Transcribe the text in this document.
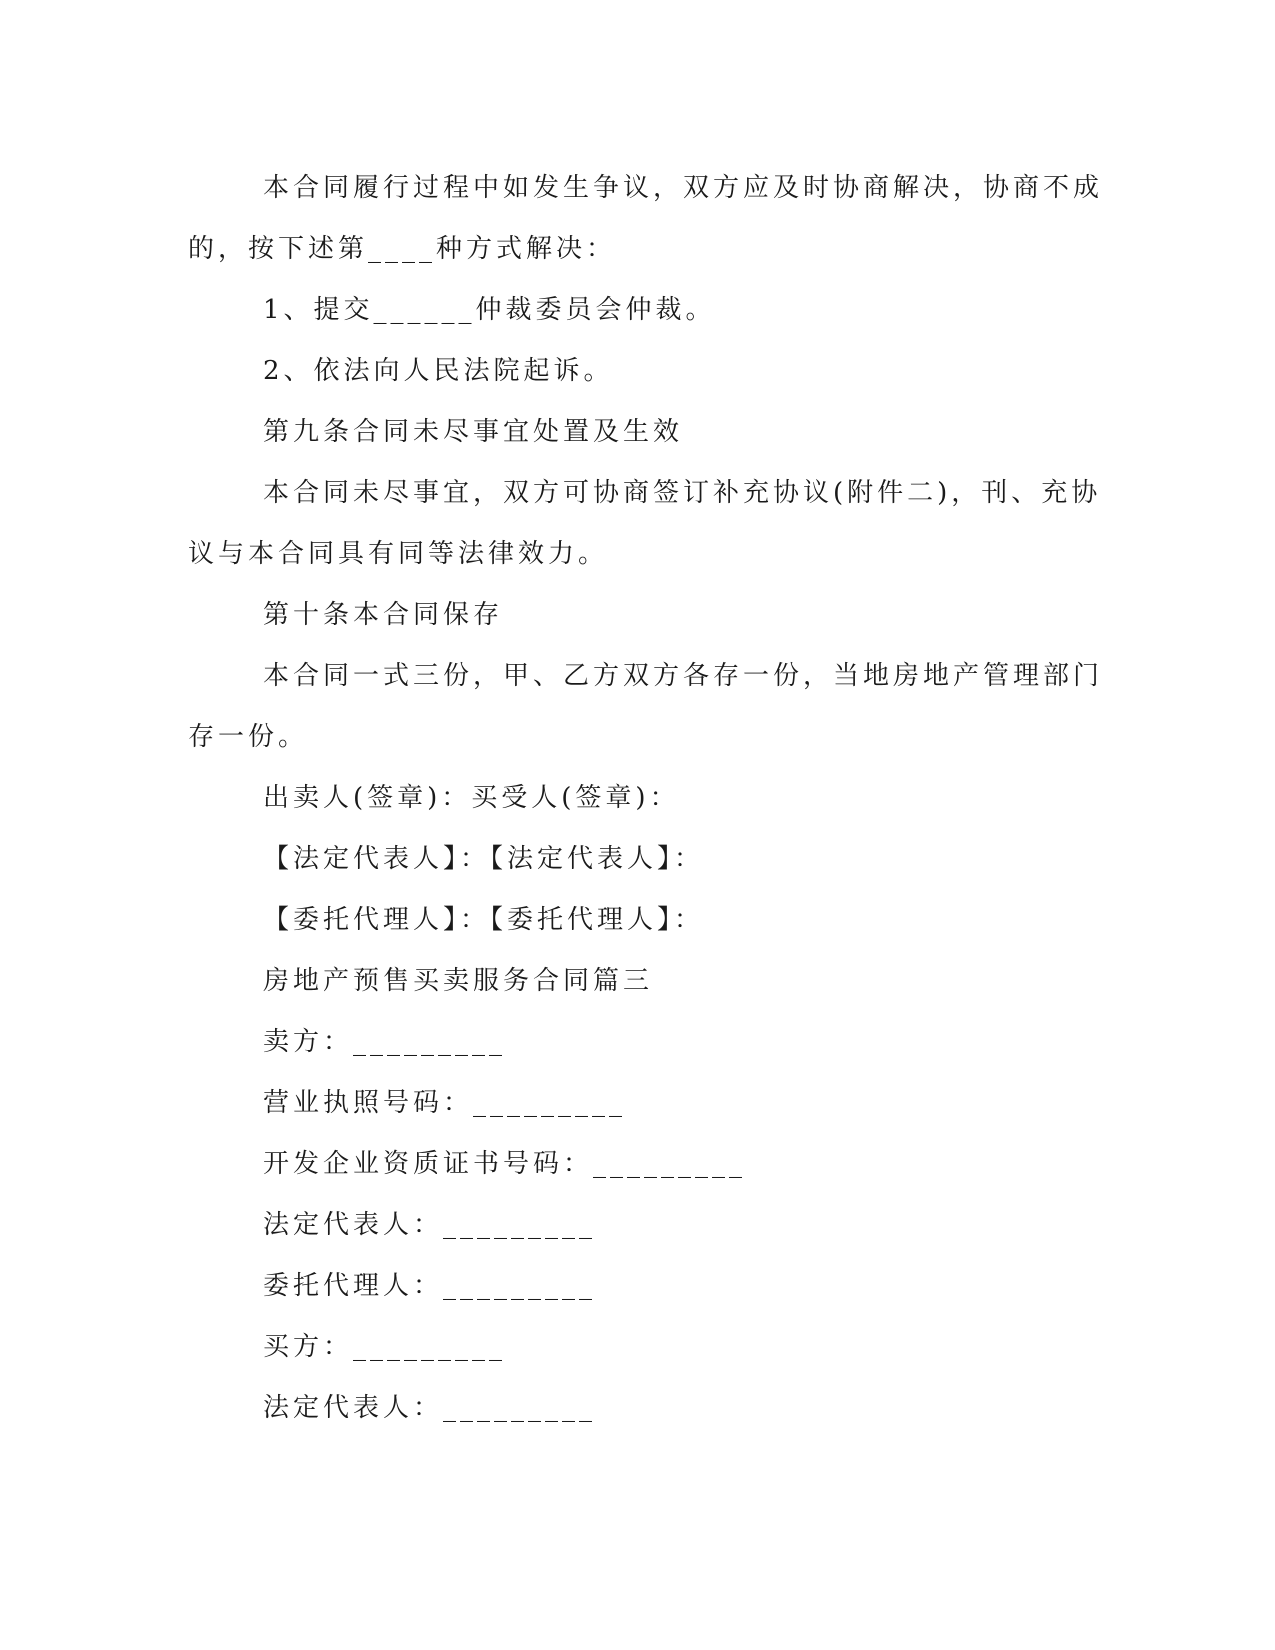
本合同履行过程中如发生争议，双方应及时协商解决，协商不成
的，按下述第____种方式解决：
1、提交______仲裁委员会仲裁。
2、依法向人民法院起诉。
第九条合同未尽事宜处置及生效
本合同未尽事宜，双方可协商签订补充协议(附件二)，刊、充协
议与本合同具有同等法律效力。
第十条本合同保存
本合同一式三份，甲、乙方双方各存一份，当地房地产管理部门
存一份。
出卖人(签章)：买受人(签章)：
【法定代表人】：【法定代表人】：
【委托代理人】：【委托代理人】：
房地产预售买卖服务合同篇三
卖方：_________
营业执照号码：_________
开发企业资质证书号码：_________
法定代表人：_________
委托代理人：_________
买方：_________
法定代表人：_________
